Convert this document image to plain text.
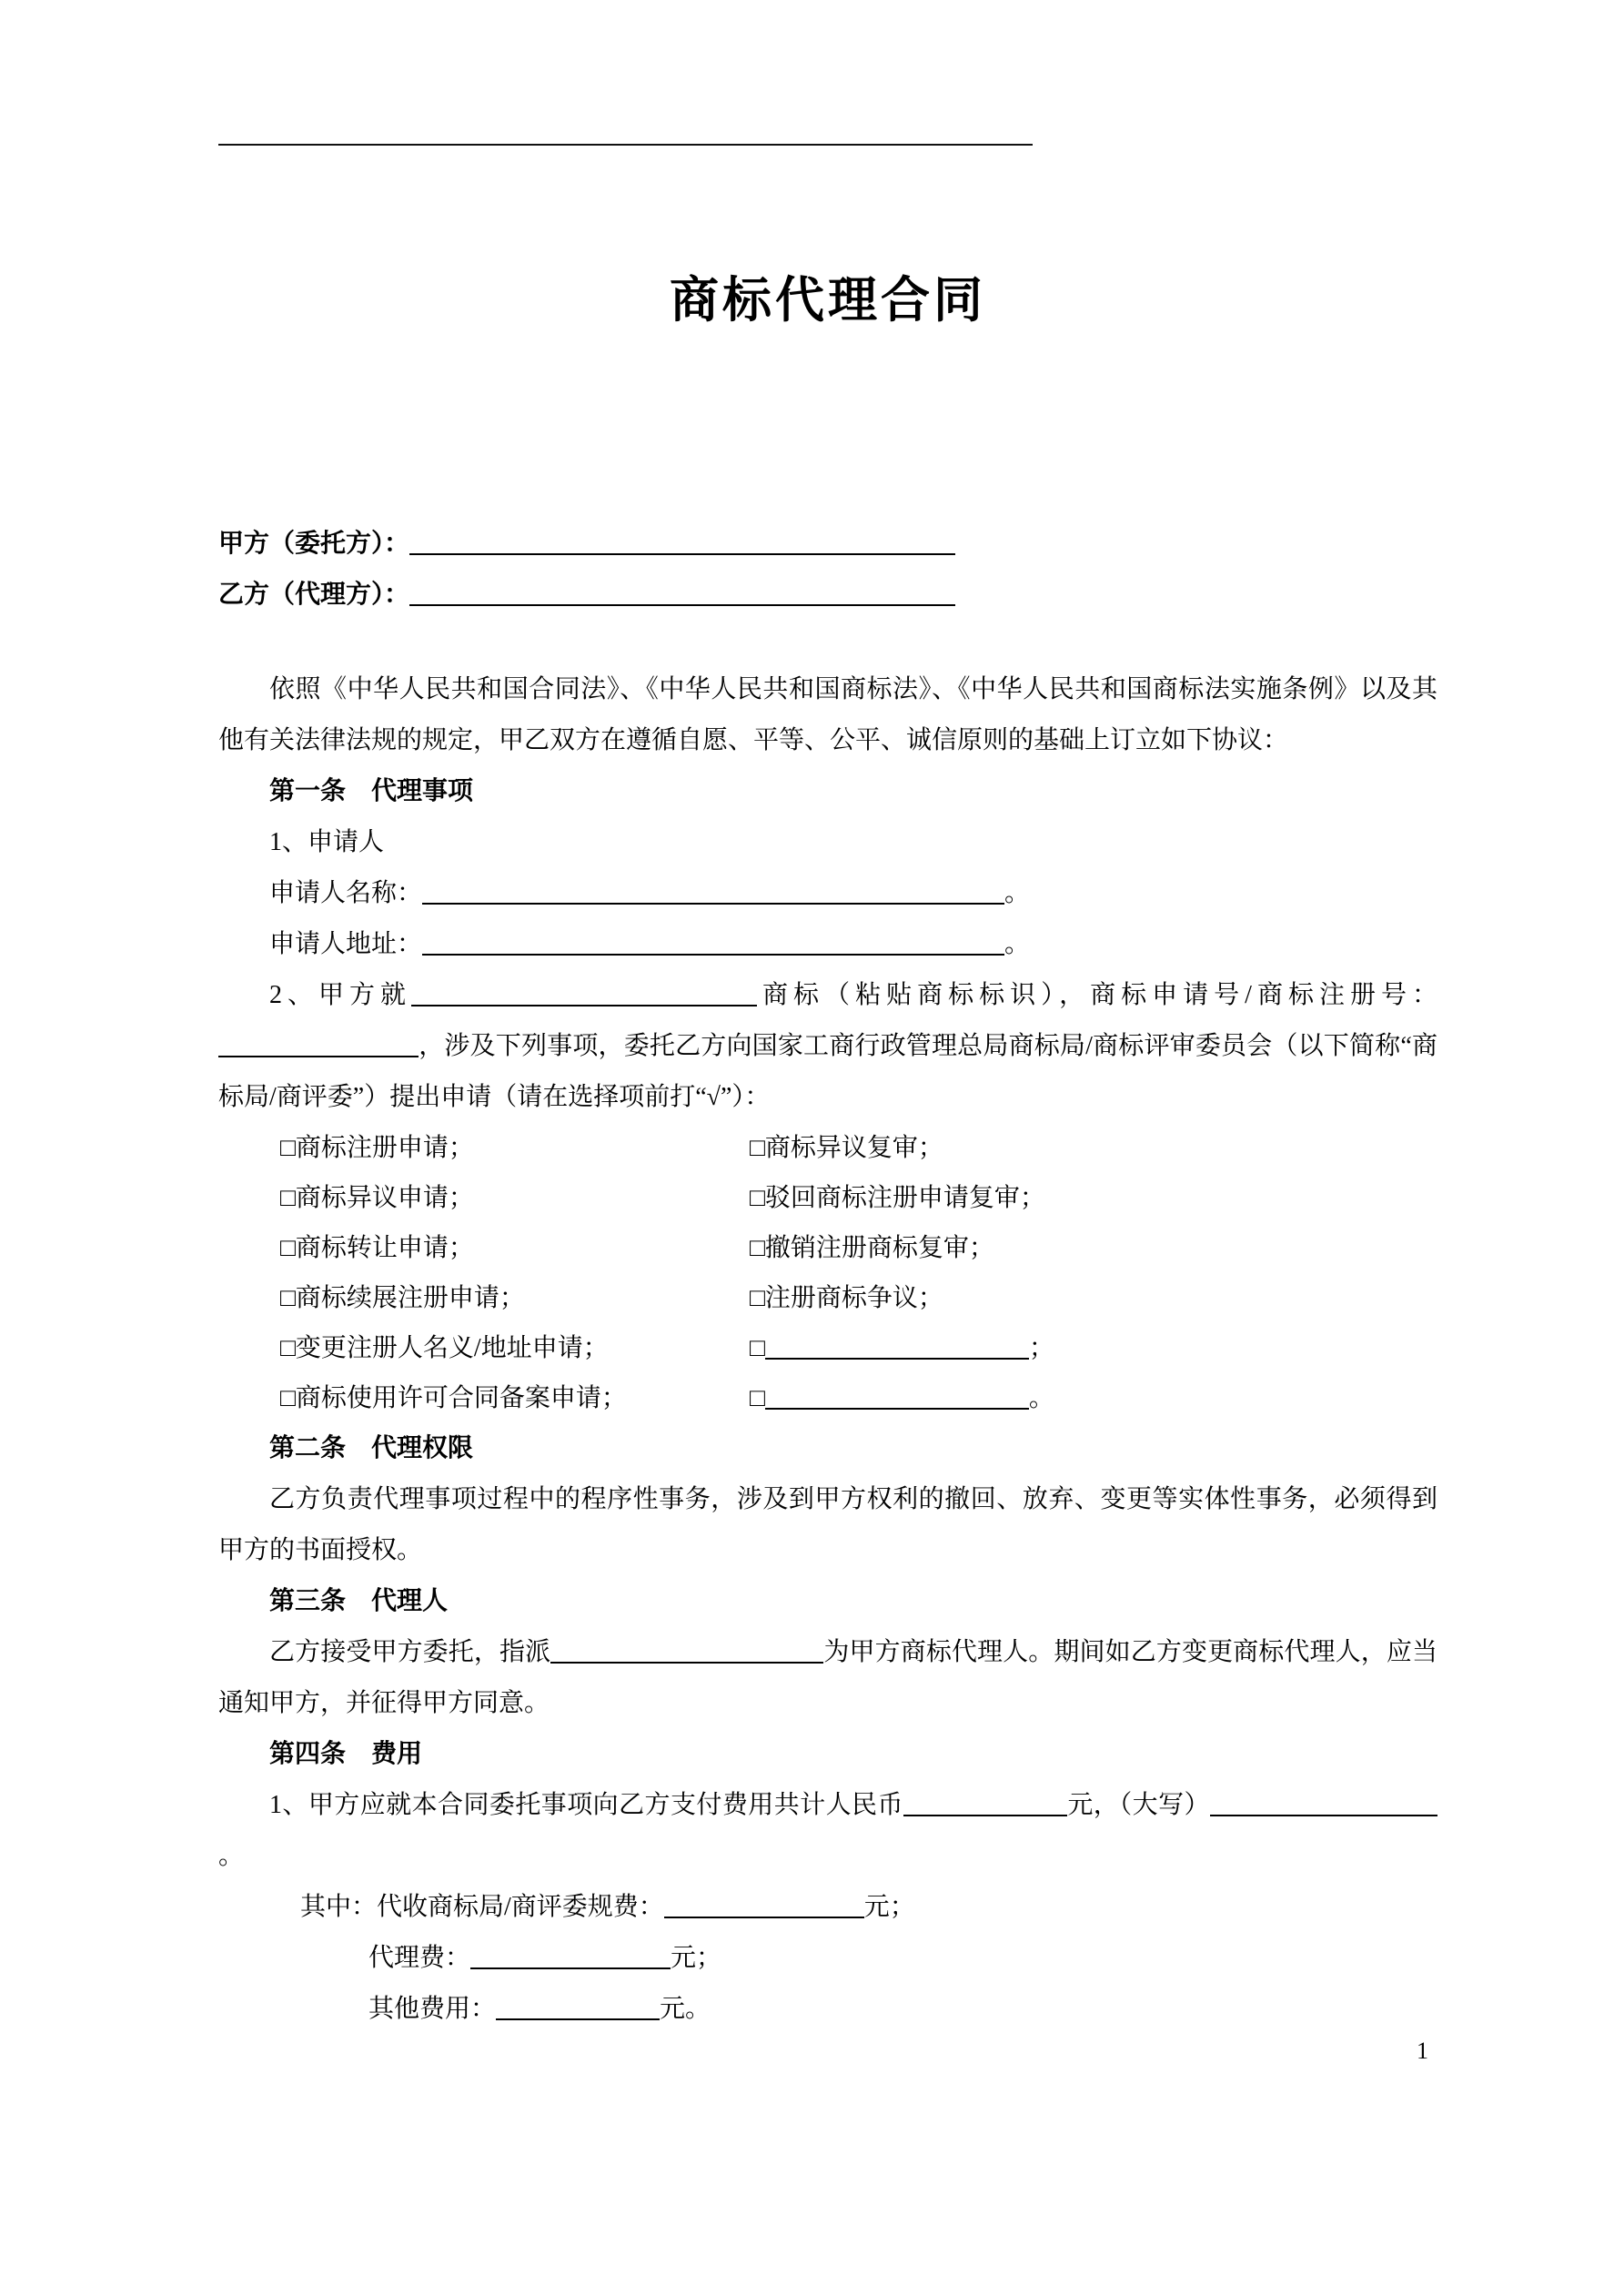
商标代理合同
甲方（委托方）：
乙方（代理方）：

依照《中华人民共和国合同法》、《中华人民共和国商标法》、《中华人民共和国商标法实施条例》以及其他有关法律法规的规定，甲乙双方在遵循自愿、平等、公平、诚信原则的基础上订立如下协议：

第一条　代理事项
1、申请人
申请人名称：	。
申请人地址：	。

2、甲方就	商标（粘贴商标标识），商标申请号/商标注册号：，涉及下列事项，委托乙方向国家工商行政管理总局商标局/商标评审委员会（以下简称“商标局/商评委”）提出申请（请在选择项前打“√”）：

□商标注册申请；	□商标异议复审；
□商标异议申请；	□驳回商标注册申请复审；
□商标转让申请；	□撤销注册商标复审；
□商标续展注册申请；	□注册商标争议；
□变更注册人名义/地址申请；	□	；
□商标使用许可合同备案申请；	□	。
第二条　代理权限

乙方负责代理事项过程中的程序性事务，涉及到甲方权利的撤回、放弃、变更等实体性事务，必须得到甲方的书面授权。

第三条　代理人

乙方接受甲方委托，指派	为甲方商标代理人。期间如乙方变更商标代理人，应当通知甲方，并征得甲方同意。

第四条　费用

1、甲方应就本合同委托事项向乙方支付费用共计人民币	元，（大写）。

其中：代收商标局/商评委规费：	元；
代理费：	元；
其他费用：	元。
1
